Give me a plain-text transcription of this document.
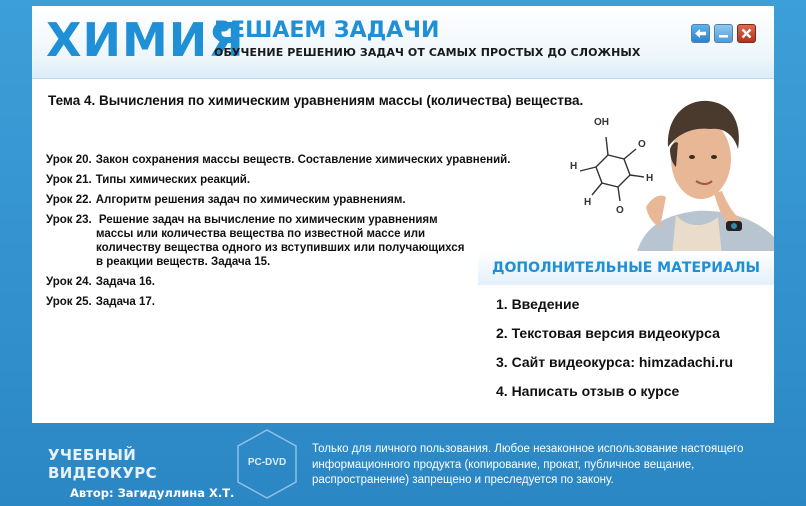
ХИМИЯ
РЕШАЕМ ЗАДАЧИ
ОБУЧЕНИЕ РЕШЕНИЮ ЗАДАЧ ОТ САМЫХ ПРОСТЫХ ДО СЛОЖНЫХ
Тема 4. Вычисления по химическим уравнениям массы (количества) вещества.
Урок 20. Закон сохранения массы веществ. Составление химических уравнений.
Урок 21. Типы химических реакций.
Урок 22. Алгоритм решения задач по химическим уравнениям.
Урок 23. Решение задач на вычисление по химическим уравнениям
массы или количества вещества по известной массе или
количеству вещества одного из вступивших или получающихся
в реакции веществ. Задача 15.
Урок 24. Задача 16.
Урок 25. Задача 17.
OH
H
O
H
O
H
ДОПОЛНИТЕЛЬНЫЕ МАТЕРИАЛЫ
1. Введение
2. Текстовая версия видеокурса
3. Сайт видеокурса: himzadachi.ru
4. Написать отзыв о курсе
УЧЕБНЫЙ ВИДЕОКУРС
Автор: Загидуллина Х.Т.
PC-DVD
Только для личного пользования. Любое незаконное использование настоящего информационного продукта (копирование, прокат, публичное вещание, распространение) запрещено и преследуется по закону.
